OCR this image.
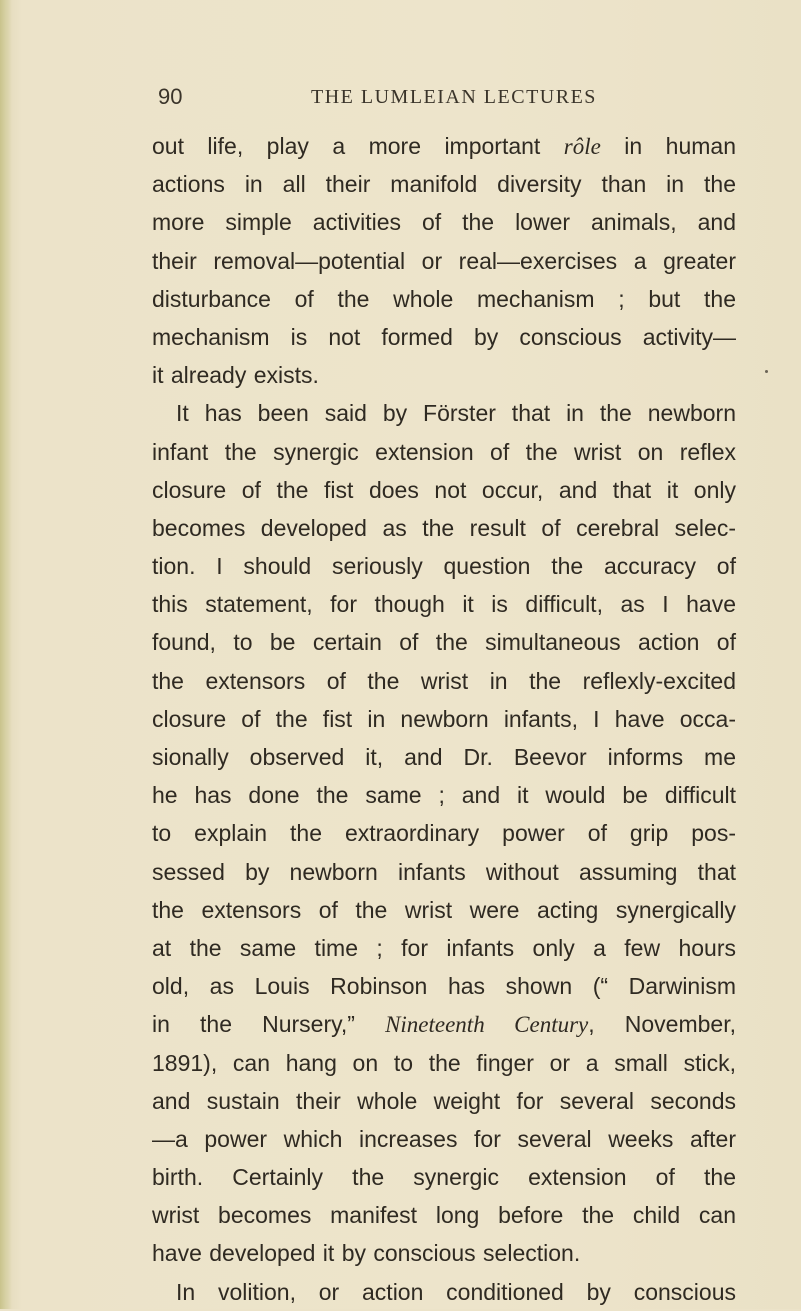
90	THE LUMLEIAN LECTURES
out life, play a more important rôle in human
actions in all their manifold diversity than in the
more simple activities of the lower animals, and
their removal—potential or real—exercises a greater
disturbance of the whole mechanism ; but the
mechanism is not formed by conscious activity—
it already exists.
It has been said by Förster that in the newborn
infant the synergic extension of the wrist on reflex
closure of the fist does not occur, and that it only
becomes developed as the result of cerebral selec-
tion. I should seriously question the accuracy of
this statement, for though it is difficult, as I have
found, to be certain of the simultaneous action of
the extensors of the wrist in the reflexly-excited
closure of the fist in newborn infants, I have occa-
sionally observed it, and Dr. Beevor informs me
he has done the same ; and it would be difficult
to explain the extraordinary power of grip pos-
sessed by newborn infants without assuming that
the extensors of the wrist were acting synergically
at the same time ; for infants only a few hours
old, as Louis Robinson has shown (“ Darwinism
in the Nursery,” Nineteenth Century, November,
1891), can hang on to the finger or a small stick,
and sustain their whole weight for several seconds
—a power which increases for several weeks after
birth. Certainly the synergic extension of the
wrist becomes manifest long before the child can
have developed it by conscious selection.
In volition, or action conditioned by conscious
